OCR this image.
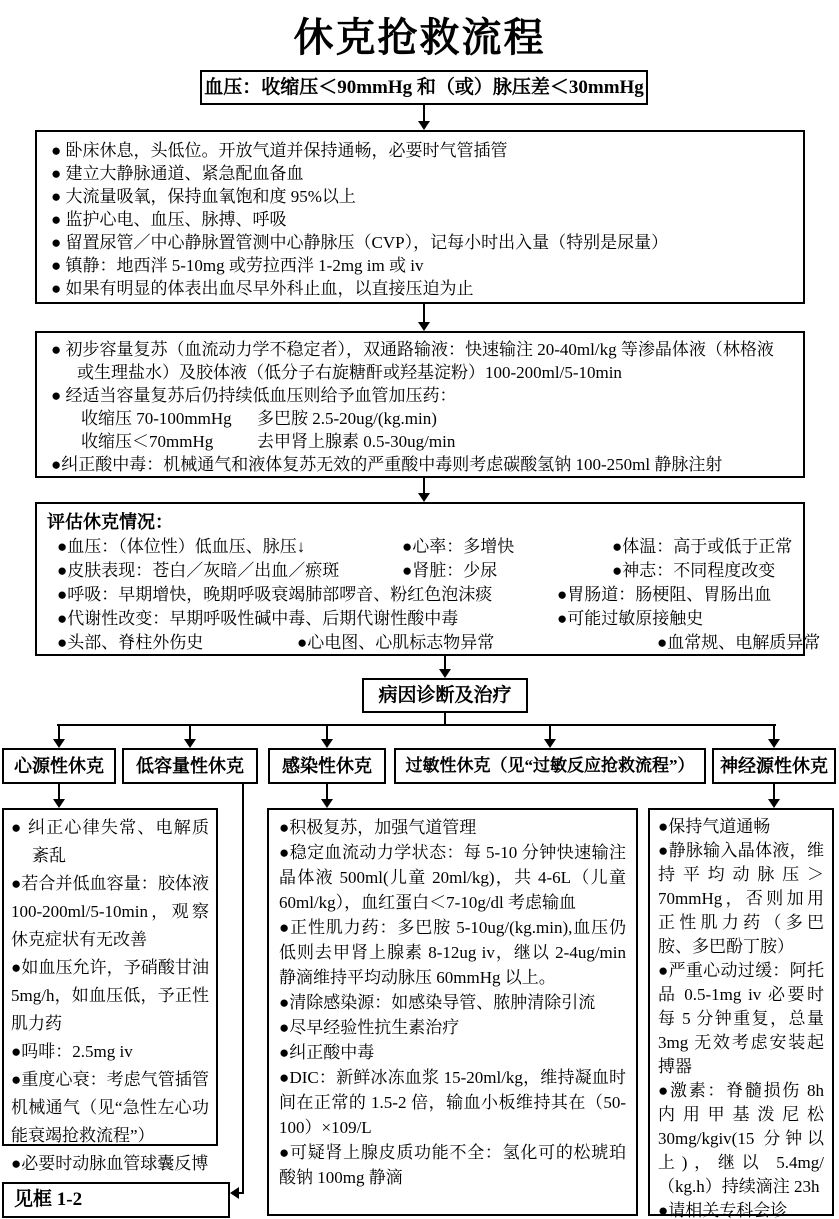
休克抢救流程
血压：收缩压＜90mmHg 和（或）脉压差＜30mmHg
● 卧床休息，头低位。开放气道并保持通畅，必要时气管插管
● 建立大静脉通道、紧急配血备血
● 大流量吸氧，保持血氧饱和度 95%以上
● 监护心电、血压、脉搏、呼吸
● 留置尿管／中心静脉置管测中心静脉压（CVP），记每小时出入量（特别是尿量）
● 镇静：地西泮 5-10mg 或劳拉西泮 1-2mg im 或 iv
● 如果有明显的体表出血尽早外科止血，以直接压迫为止
● 初步容量复苏（血流动力学不稳定者），双通路输液：快速输注 20-40ml/kg 等渗晶体液（林格液或生理盐水）及胶体液（低分子右旋糖酐或羟基淀粉）100-200ml/5-10min
● 经适当容量复苏后仍持续低血压则给予血管加压药：
收缩压 70-100mmHg	多巴胺 2.5-20ug/(kg.min)
收缩压＜70mmHg	去甲肾上腺素 0.5-30ug/min
●纠正酸中毒：机械通气和液体复苏无效的严重酸中毒则考虑碳酸氢钠 100-250ml 静脉注射
评估休克情况：
●血压：（体位性）低血压、脉压↓	●心率：多增快	●体温：高于或低于正常
●皮肤表现：苍白／灰暗／出血／瘀斑	●肾脏：少尿	●神志：不同程度改变
●呼吸：早期增快，晚期呼吸衰竭肺部啰音、粉红色泡沫痰	●胃肠道：肠梗阻、胃肠出血
●代谢性改变：早期呼吸性碱中毒、后期代谢性酸中毒	●可能过敏原接触史
●头部、脊柱外伤史	●心电图、心肌标志物异常	●血常规、电解质异常
病因诊断及治疗
心源性休克	低容量性休克	感染性休克	过敏性休克（见“过敏反应抢救流程”）	神经源性休克
● 纠正心律失常、电解质紊乱
●若合并低血容量：胶体液 100-200ml/5-10min，观察休克症状有无改善
●如血压允许，予硝酸甘油 5mg/h，如血压低，予正性肌力药
●吗啡：2.5mg iv
●重度心衰：考虑气管插管机械通气（见“急性左心功能衰竭抢救流程”）
●必要时动脉血管球囊反博
●积极复苏，加强气道管理
●稳定血流动力学状态：每 5-10 分钟快速输注晶体液 500ml(儿童 20ml/kg)，共 4-6L（儿童 60ml/kg），血红蛋白＜7-10g/dl 考虑输血
●正性肌力药：多巴胺 5-10ug/(kg.min),血压仍低则去甲肾上腺素 8-12ug iv，继以 2-4ug/min 静滴维持平均动脉压 60mmHg 以上。
●清除感染源：如感染导管、脓肿清除引流
●尽早经验性抗生素治疗
●纠正酸中毒
●DIC：新鲜冰冻血浆 15-20ml/kg，维持凝血时间在正常的 1.5-2 倍，输血小板维持其在（50-100）×109/L
●可疑肾上腺皮质功能不全：氢化可的松琥珀酸钠 100mg 静滴
●保持气道通畅
●静脉输入晶体液，维持平均动脉压＞70mmHg，否则加用正性肌力药（多巴胺、多巴酚丁胺）
●严重心动过缓：阿托品 0.5-1mg iv 必要时每 5 分钟重复，总量 3mg 无效考虑安装起搏器
●激素：脊髓损伤 8h 内用甲基泼尼松 30mg/kgiv(15 分钟以上)，继以 5.4mg/（kg.h）持续滴注 23h
●请相关专科会诊
见框 1-2
